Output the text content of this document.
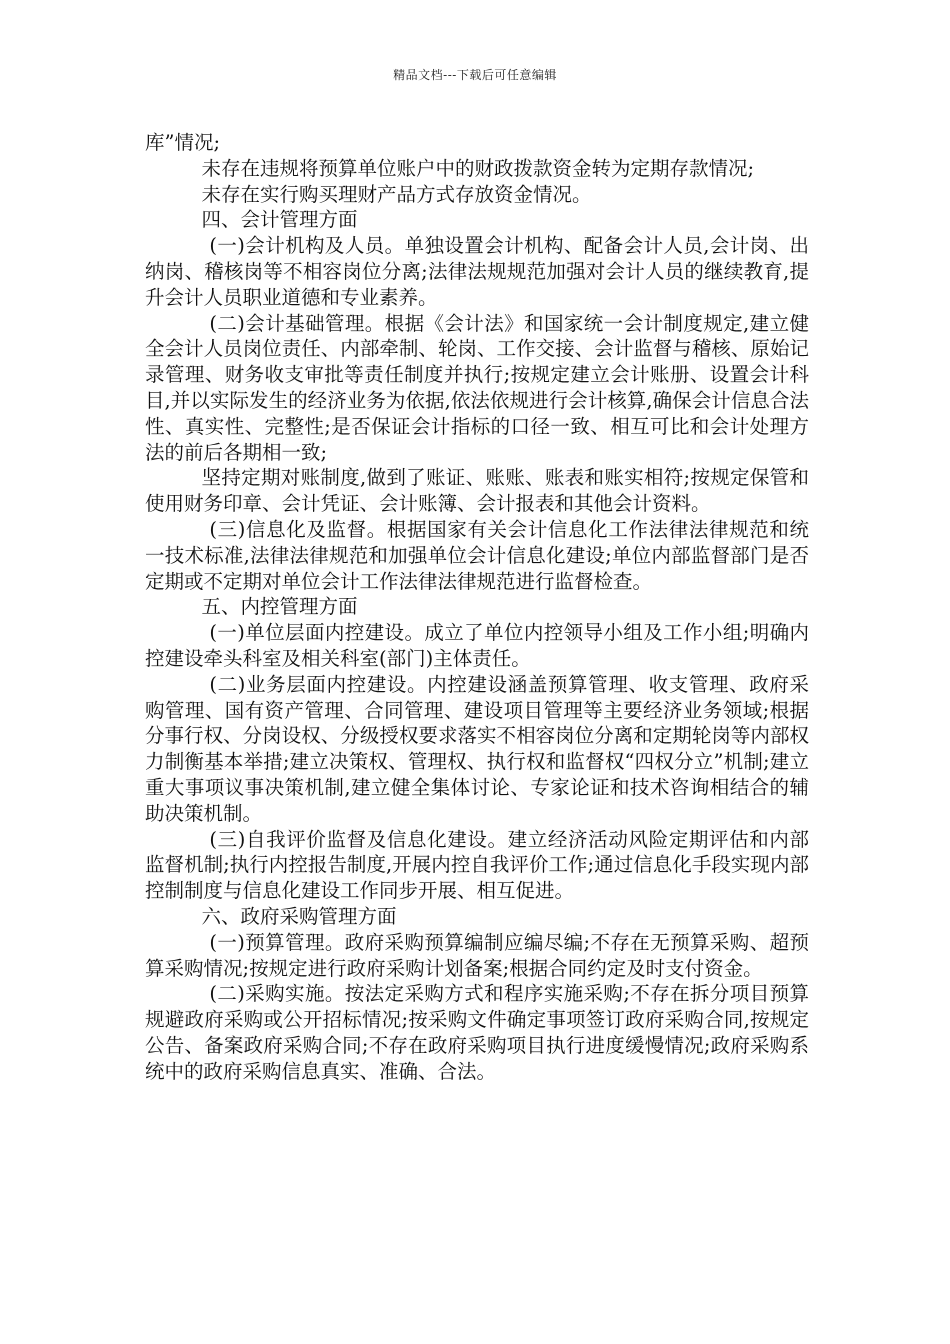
精品文档---下载后可任意编辑

库”情况;

未存在违规将预算单位账户中的财政拨款资金转为定期存款情况;

未存在实行购买理财产品方式存放资金情况。

四、会计管理方面

(一)会计机构及人员。单独设置会计机构、配备会计人员,会计岗、出纳岗、稽核岗等不相容岗位分离;法律法规规范加强对会计人员的继续教育,提升会计人员职业道德和专业素养。

(二)会计基础管理。根据《会计法》和国家统一会计制度规定,建立健全会计人员岗位责任、内部牵制、轮岗、工作交接、会计监督与稽核、原始记录管理、财务收支审批等责任制度并执行;按规定建立会计账册、设置会计科目,并以实际发生的经济业务为依据,依法依规进行会计核算,确保会计信息合法性、真实性、完整性;是否保证会计指标的口径一致、相互可比和会计处理方法的前后各期相一致;

坚持定期对账制度,做到了账证、账账、账表和账实相符;按规定保管和使用财务印章、会计凭证、会计账簿、会计报表和其他会计资料。

(三)信息化及监督。根据国家有关会计信息化工作法律法律规范和统一技术标准,法律法律规范和加强单位会计信息化建设;单位内部监督部门是否定期或不定期对单位会计工作法律法律规范进行监督检查。

五、内控管理方面

(一)单位层面内控建设。成立了单位内控领导小组及工作小组;明确内控建设牵头科室及相关科室(部门)主体责任。

(二)业务层面内控建设。内控建设涵盖预算管理、收支管理、政府采购管理、国有资产管理、合同管理、建设项目管理等主要经济业务领域;根据分事行权、分岗设权、分级授权要求落实不相容岗位分离和定期轮岗等内部权力制衡基本举措;建立决策权、管理权、执行权和监督权“四权分立”机制;建立重大事项议事决策机制,建立健全集体讨论、专家论证和技术咨询相结合的辅助决策机制。

(三)自我评价监督及信息化建设。建立经济活动风险定期评估和内部监督机制;执行内控报告制度,开展内控自我评价工作;通过信息化手段实现内部控制制度与信息化建设工作同步开展、相互促进。

六、政府采购管理方面

(一)预算管理。政府采购预算编制应编尽编;不存在无预算采购、超预算采购情况;按规定进行政府采购计划备案;根据合同约定及时支付资金。

(二)采购实施。按法定采购方式和程序实施采购;不存在拆分项目预算规避政府采购或公开招标情况;按采购文件确定事项签订政府采购合同,按规定公告、备案政府采购合同;不存在政府采购项目执行进度缓慢情况;政府采购系统中的政府采购信息真实、准确、合法。
